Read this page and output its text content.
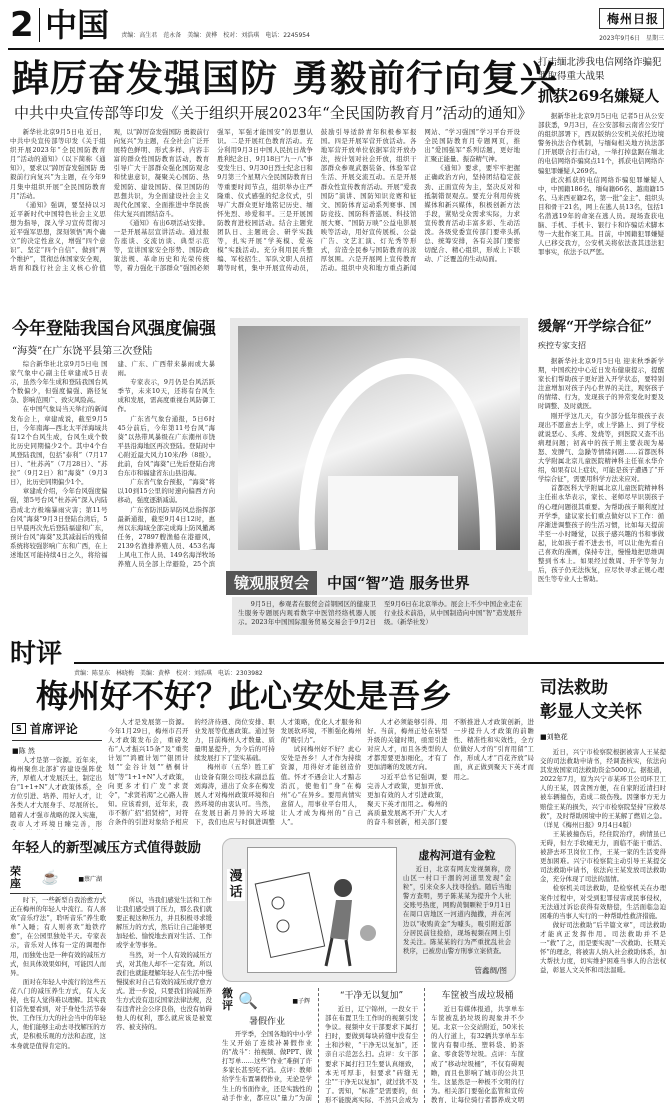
2 中国 责编：高生君　范永备　美编：黄桦　校对：刘浩琪　电话：2245954
梅州日报
2023年9月6日　星期三
踔厉奋发强国防 勇毅前行向复兴
中共中央宣传部等印发《关于组织开展2023年“全民国防教育月”活动的通知》

新华社北京9月5日电 近日，中共中央宣传部等印发《关于组织开展2023年“全民国防教育月”活动的通知》（以下简称《通知》），要求以“踔厉奋发强国防 勇毅前行向复兴”为主题，在今年9月集中组织开展“全民国防教育月”活动。

《通知》强调，要坚持以习近平新时代中国特色社会主义思想为指导，深入学习宣传贯彻习近平强军思想，深刻领悟“两个确立”的决定性意义，增强“四个意识”、坚定“四个自信”、做到“两个维护”，贯彻总体国家安全观，培育和践行社会主义核心价值观，以“踔厉奋发强国防 勇毅前行向复兴”为主题，在全社会广泛开展特色鲜明、形式多样、内容丰富的群众性国防教育活动，教育引导广大干部群众强化国防观念和忧患意识，凝聚关心国防、热爱国防、建设国防、保卫国防的思想共识，为全面建设社会主义现代化国家、全面推进中华民族伟大复兴而团结奋斗。

《通知》布出6项活动安排。一是开展基层宣讲活动。通过报告座谈、交流访谈、典型示范等，宣讲国家安全形势、国防政策法规、革命历史和光荣传统等，着力强化干部群众“强国必须强军，军强才能国安”的思想认识。二是开展红色教育活动。充分利用9月3日中国人民抗日战争胜利纪念日、9月18日“九一八”事变发生日、9月30日烈士纪念日和9月第三个星期六全民国防教育日等重要时间节点，组织举办庄严隆重、仪式感强的纪念仪式，引导广大群众更好地铭记历史、缅怀先烈、珍爱和平。三是开展国防教育进校园活动。结合主题党团队日、主题班会、研学实践等，扎实开展“学英模、爱英模”实践活动。充分利用民兵整编、军校招生、军队文职人员招聘等时机，集中开展宣传动员，鼓励引导适龄青年积极参军报国。四是开展军营开放活动。各地军营开放单位依据军营开放办法，按计划对社会开放，组织干部群众参观武器装备、体验军营生活、开展交流互动。五是开展群众性宣传教育活动。开展“爱我国防”演讲、国防知识竞赛和征文、国防体育运动系列赛事、国防竞技、国防科普巡展、科技馆展大赛、“国防万映”公益电影展映等活动，用好宣传展板、公益广告、文艺汇演、灯光秀等形式，营造全民参与国防教育的浓厚氛围。六是开展网上宣传教育活动。组织中央和地方重点新闻网站、“学习强国”学习平台开设全民国防教育月专题网页，推出“爱国强军”系列话题，更好地汇聚正能量、振奋精气神。

《通知》要求，要牢牢把握正确政治方向，坚持团结稳定鼓劲、正面宣传为主，坚决反对和抵制错误观点。要充分利用传统媒体和新兴媒体，积极创新方法手段，紧贴受众需求实际，力求宣传教育活动丰富多彩、生动活泼。各级党委宣传部门要牵头抓总、统筹安排，各有关部门要密切配合、精心组织，形成上下联动、广泛覆盖的生动局面。

打击缅北涉我电信网络诈骗犯罪取得重大战果
抓获269名嫌疑人

据新华社北京9月5日电 记者5日从公安部获悉，9月3日，在公安部和云南省公安厅的组织部署下，西双版纳公安机关依托边境警务执法合作机制，与缅甸相关地方执法部门开展联合打击行动，一举打掉盘踞在缅北的电信网络诈骗窝点11个，抓获电信网络诈骗犯罪嫌疑人269名。

此次抓获的电信网络诈骗犯罪嫌疑人中，中国籍186名、缅甸籍66名、越南籍15名、马来西亚籍2名，第一批“金主”、组织头目和骨干21名，网上在逃人员13名，包括1名潜逃19年的命案在逃人员。现场查获电脑、手机、手机卡、银行卡和诈骗话术脚本等一大批作案工具。目前，中国籍犯罪嫌疑人已移交我方，公安机关将依法查其违法犯罪事实，依法予以严惩。

今年登陆我国台风强度偏强
“海葵”在广东饶平县第三次登陆

综合新华社北京9月5日电 国家气象中心副主任章建成5日表示，虽然今年生成和登陆我国台风个数偏少，但强度偏强、路径复杂、影响范围广、致灾风险高。

在中国气象局当天举行的新闻发布会上，章建成说，截至9月5日，今年南海—西北太平洋海域共有12个台风生成，台风生成个数比历史同期偏少2个。其中4个台风登陆我国，包括“泰利”（7月17日）、“杜苏芮”（7月28日）、“苏拉”（9月2日）和“海葵”（9月3日），比历史同期偏少1个。

章建成介绍，今年台风强度偏强，第5号台风“杜苏芮”深入内陆造成北方极端暴雨灾害；第11号台风“海葵”9月3日登陆台湾后，5日早晨再次先后登陆福建和广东，预计台风“海葵”及其减弱后的残留系统将较强影响广东和广西，在上述地区可能持续4日之久，将给福建、广东、广西带来暴雨或大暴雨。

专家表示，9月仍是台风活跃季节，未来10天，还将有台风生成和发展，需高度重视台风防御工作。

广东省气象台通报，5日6时45分前后，今年第11号台风“海葵”以热带风暴级在广东潮州市饶平县沿海地区再次登陆。登陆时中心附近最大风力10米/秒（8级）。此前，台风“海葵”已先后登陆台湾台东市和福建省东山县沿海。

广东省气象台预报，“海葵”将以10到15公里的时速向偏西方向移动，强度逐渐减弱。

广东省防汛防旱防风总指挥部最新通报，截至9月4日12时，惠州以东海域全部完成海上防风撤离任务，27897艘渔船在港避风，2139名渔排养殖人员、453名海上风电工作人员、149名海洋牧场养殖人员全部上岸避险，25个滨

镜观服贸会	中国“智”造 服务世界
9月5日，参观者在服贸会首钢园区的健康卫生服务专题展内观看数字中医馆经络机器人展示。2023年中国国际服务贸易交易会于9月2日至9月6日在北京举办。展会上不少中国企业走在行业技术前沿，从中国制造向中国“智”造发展升级。（新华社发）
缓解“开学综合征”
疾控专家支招

据新华社北京9月5日电 迎来秋季新学期，中国疾控中心近日发布健康提示，提醒家长们帮助孩子更好进入开学状态，要特别注意增加对孩子内心世界的关注，观察孩子的情绪、行为，发现孩子的异常变化时要及时调整、及时就医。

刚开学这几天，有少部分低年级孩子表现出不愿意去上学，或上学路上、到了学校就说恶心、头疼、发烧等，到医院又查不出病理问题；初高中的孩子则主要表现为易怒、发脾气、急躁等情绪问题……首都医科大学附属北京儿童医院精神科主任崔永华介绍，如果有以上症状，可能是孩子遭遇了“开学综合征”，需要用科学方法来应对。

首都医科大学附属北京儿童医院精神科主任崔永华表示，家长、老师尽早识别孩子的心理问题很其重要。为帮助孩子顺利度过开学季，建议家长们重点做好以下工作：循序渐进调整孩子的生活习惯，比如每天提前半至一小时睡觉，以孩子感兴趣的书和事做起，比如孩子看不进去书，可以让他先看自己喜欢的漫画，保持专注，慢慢地把思维调整到书本上。如果经过数周、开学等努力后，孩子仍无法恢复，应尽快寻求正规心理医生等专业人士帮助。

时评
责编：陈显东　林晓梅　美编：黄桦　校对：刘浩琪　电话：2303982
梅州好不好？此心安处是吾乡
S 首席评论
■陈 然

人才是第一资源。近年来，梅州聚焦北部扩容建设强阵优齐，厚植人才发展沃土，制定出台“1+1+N”人才政策体系，全方位引进、培养、用好人才，让各类人才大展身手、尽展所长。随着人才强市战略的深入实施，我市人才环境日臻完善，形

人才是发展第一资源。今年1月29日，梅州市召开人才政策发布会，重磅发布“人才振兴15条”及“重奖计划”“鸿雁计划”“银团计划”“金谷计划”“梧桐计划”等“1+1+N”人才政策，向更多才们广发“求贤令”，“求贤若渴”之心路人皆知。应该看到，近年来，我市不断广招“招贤榜”，对符合条件的引进对象给予相应的经济待遇、岗位安排、职业发展等优惠政策。通过努力，目前梅州人才数量、质量明显提升，为今后的可持续发展打下了坚实基础。

梅州市（五华）胜工矿山设备有限公司技术副总监刘海涛，道出了众多在梅发展人才对梅州政策环境和自然环境的由衷认可。当然，在发展日新月异的大环境下，我们也应与时俱进调整人才策略，优化人才服务和发展软环境，不断强化梅州的“吸引力”。

试问梅州好不好？此心安处是吾乡！人才作为持续资源，用得好才能创造价值。怀才不遇会让人才黯志消沉，使他们“身”在梅州“心”在异乡。要用真情实意留人，用事业平台用人，让人才成为梅州的“自己人”。

人才必须能够引得、用好。当前，梅州正处在转型升级的关键时期，亟需引进对应人才，而且各类型的人才都需要更加细化，才有了更加清晰的发展方向。

习近平总书记强调，要完善人才政策，更加开放、更加有效的人才引进政策，聚天下英才而用之。梅州的高质量发展离不开广大人才的奋斗和创新，相关部门要不断推进人才政策创新，进一步提升人才政策的前瞻性、精准性和实效性，全方位做好人才的“引育用留”工作，形成人才“百花齐放”局面，真正做到聚天下英才而用之。

司法救助
彰显人文关怀
■刘艳花

近日，兴宁市检察院根据被害人王某提交的司法救助申请书，经调查核实，依法向其发放国家司法救助资金5000元。据报道，2022年7月，原为兴宁市某环卫公司环卫工人的王某，因贪图方便，在自家附近清扫时被车辆撞伤，造成二级伤残。因肇事方无力赔偿王某的损失，兴宁市检察院坚持“应救尽救”，及时帮助困境中的王某解了燃眉之急。（详见《梅州日报》9月4日4版）

王某被撞伤后，经住院治疗，病情虽已无碍，但左手软瘫无力，面临不能干重活、被辞去环卫岗位工作，王某一家的生活变得更加困难。兴宁市检察院主动引导王某提交司法救助申请书，依法向王某发放司法救助金，充分体现了司法的温情。

检察机关司法救助，是检察机关在办理案件过程中，对受到犯罪侵害或民事侵权，无法通过诉讼获得有效赔偿，生活面临急迫困难的当事人实行的一种帮助性救济措施。

做好司法救助“后半篇文章”，司法救助才能真正发挥作用。司法救助并不是一“救”了之，而是要实现“一次救助、长期关怀”的理念，将被害人纳入社会救助体系，加大帮扶力度，切实维护困难当事人的合法权益，彰显人文关怀和司法温暖。

年轻人的新型减压方式值得鼓励
荣座 ☕	■蔡广湖

时下，一些新型自我治愈方式正在梅州的年轻人中流行。有人喜欢“音乐疗法”，聆听音乐“养生歌单”入睡；有人则喜欢“地铁疗愈”，在公园里独处半天。专家表示，音乐对人体有一定的调理作用，而独处也是一种有效的减压方式，但具体效果如何，可能因人而异。

面对在年轻人中流行的这些五花八门的减压养生方式，有人支持，也有人觉得难以理解。其实我们首先要看到，对于身处生活节奏快、工作压力大的社会当中的年轻人，他们能够主动去寻找解压的方式，是积极乐观的方法和态度，这本身就是值得肯定的。

所以，当我们感觉生活和工作让我们感受到了压力，那么我们就要正视这种压力，并且积极寻求缓解压力的方式，然后让自己能够更加轻松、愉悦地去面对生活、工作或学业等事务。

当然，对一个人有效的减压方式，对其他人却不一定有效。所以我们也就能理解年轻人在生活中慢慢摸索对自己有效的减压或疗愈方式。进一步说，只要我们的减压养生方式没有违反国家法律法规，没有违背社会公序良俗，也没有妨碍他人的权利，那么就应该是被宽容、被支持的。

漫话
虚构河道有金粒
近日，北京有网友发视频称，房山区一村口干涸的河道里发现“金粒”，引来众多人找寻捡拾。随后当地警方查明，男子陈某某为提升个人社交账号热度，网购黄铜颗粒于9月1日在周口店地区一河道内抛撒，并在河边以“收购黄金”为噱头，吸引附近部分居民前往捡拾，现场视频在网上引发关注。陈某某的行为严重扰乱社会秩序，已被房山警方刑事立案侦查。
管鑫绸/图
微评 🔍	■子辉
暑假作业
开学季，全国各地的中小学生又开始了连续补暑假作业的“战斗”：拍视频、做PPT、做打写单……这些“作业”难倒了许多家长甚至吃不消。点评：教师给学生布置暑假作业，无论是学生上的书面作业，还是实践性的动手作业，都应以“量力”为前
“干净无以复加”
近日，辽宁锦州，一段女干部在布置卫生工作时的视频引发争议。视频中女干部要求下属打扫时，要做到每块砖缝中没有尘土和沙粒，“干净无以复加”，还亲自示范怎么扫。点评：女干部要求下属打扫卫生要认真细致，本无可厚非，但要求“砖缝无尘”“干净无以复加”，就过犹不及了。需知，“标准”是需要的，但形不能脱离实际，不然只会成为
车筐被当成垃圾桶
近日有媒体报道，共享单车车筐被乱扔垃圾的现象并不少见。北京一公交站附近，50米长的人行道上，有32辆共享单车车筐内有餐巾纸、塑料袋、奶茶盒、零食袋等垃圾。点评：车筐成了“移动垃圾桶”，不仅有碍观瞻，而且也影响了城市的公共卫生。这显然是一种极不文明的行为。相关部门要强化监管和宣传教育，让每位骑行者都养成文明
